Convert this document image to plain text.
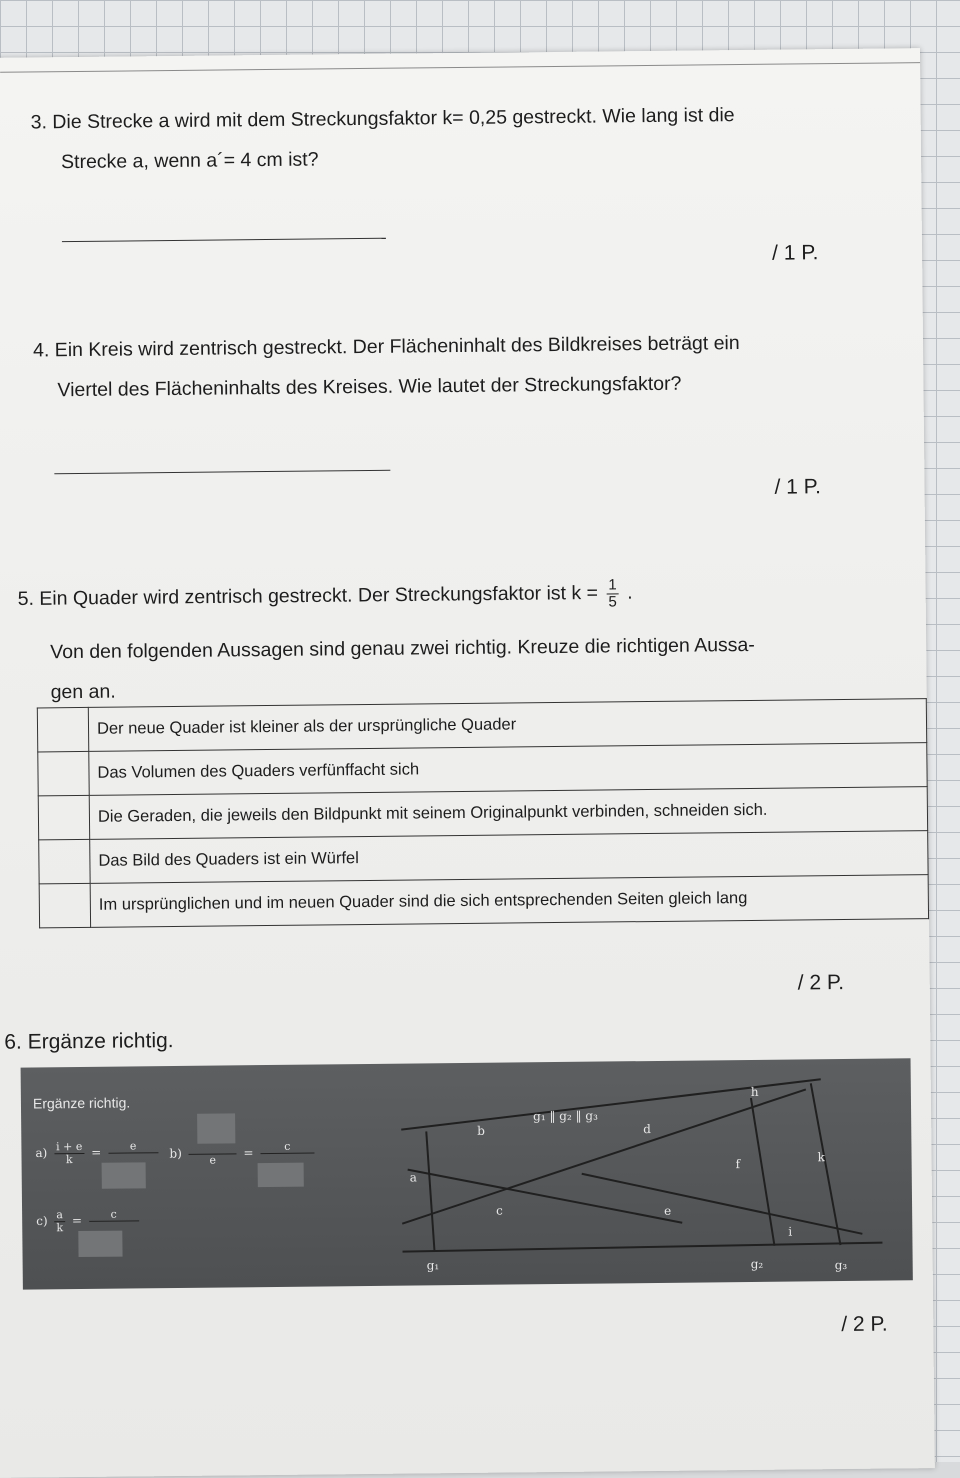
3. Die Strecke a wird mit dem Streckungsfaktor k= 0,25 gestreckt. Wie lang ist die
Strecke a, wenn a´= 4 cm ist?
/ 1 P.
4. Ein Kreis wird zentrisch gestreckt. Der Flächeninhalt des Bildkreises beträgt ein
Viertel des Flächeninhalts des Kreises. Wie lautet der Streckungsfaktor?
/ 1 P.
5. Ein Quader wird zentrisch gestreckt. Der Streckungsfaktor ist $k = \frac{1}{5}$ .
Von den folgenden Aussagen sind genau zwei richtig. Kreuze die richtigen Aussa-
gen an.
	Der neue Quader ist kleiner als der ursprüngliche Quader
	Das Volumen des Quaders verfünffacht sich
	Die Geraden, die jeweils den Bildpunkt mit seinem Originalpunkt verbinden, schneiden sich.
	Das Bild des Quaders ist ein Würfel
	Im ursprünglichen und im neuen Quader sind die sich entsprechenden Seiten gleich lang
/ 2 P.
6. Ergänze richtig.
Ergänze richtig.
$a) \frac{i + e}{k}$ =	e

b)
	e	=	c

$c) \frac{a}{k}$ =	c

g₁ ‖ g₂ ‖ g₃
h
b	d
a
f	k
c	e
i
g₁	g₂	g₃
/ 2 P.
